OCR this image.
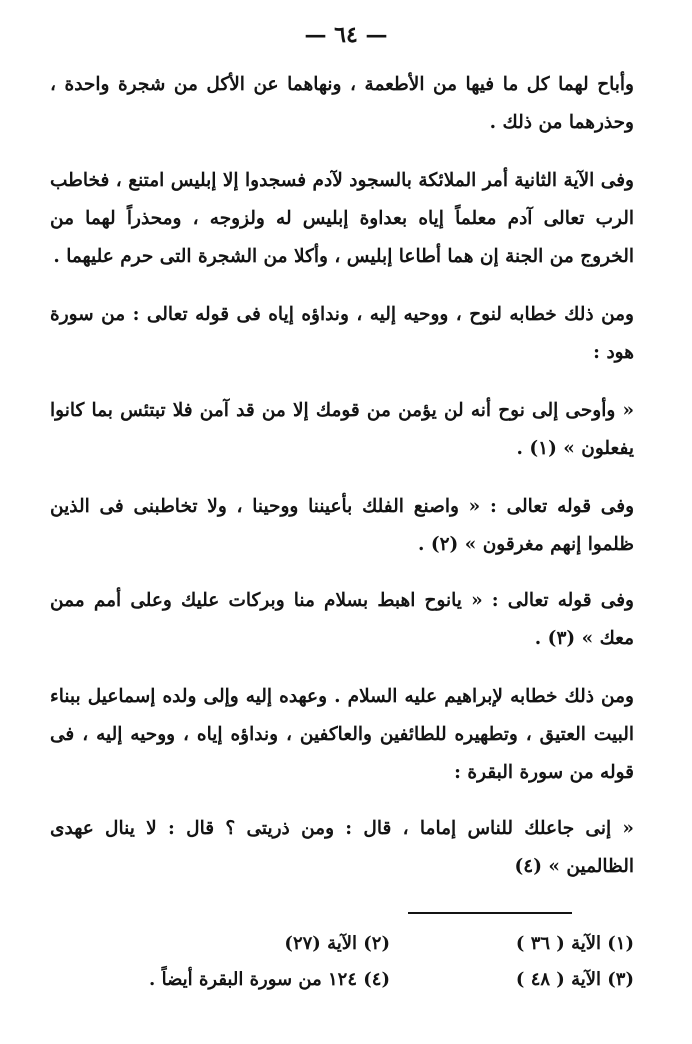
— ٦٤ —

وأباح لهما كل ما فيها من الأطعمة ، ونهاهما عن الأكل من شجرة واحدة ، وحذرهما من ذلك .

وفى الآية الثانية أمر الملائكة بالسجود لآدم فسجدوا إلا إبليس امتنع ، فخاطب الرب تعالى آدم معلماً إياه بعداوة إبليس له ولزوجه ، ومحذراً لهما من الخروج من الجنة إن هما أطاعا إبليس ، وأكلا من الشجرة التى حرم عليهما .

ومن ذلك خطابه لنوح ، ووحيه إليه ، ونداؤه إياه فى قوله تعالى : من سورة هود :

« وأوحى إلى نوح أنه لن يؤمن من قومك إلا من قد آمن فلا تبتئس بما كانوا يفعلون » (١) .

وفى قوله تعالى : « واصنع الفلك بأعيننا ووحينا ، ولا تخاطبنى فى الذين ظلموا إنهم مغرقون » (٢) .

وفى قوله تعالى : « يانوح اهبط بسلام منا وبركات عليك وعلى أمم ممن معك » (٣) .

ومن ذلك خطابه لإبراهيم عليه السلام . وعهده إليه وإلى ولده إسماعيل ببناء البيت العتيق ، وتطهيره للطائفين والعاكفين ، ونداؤه إياه ، ووحيه إليه ، فى قوله من سورة البقرة :

« إنى جاعلك للناس إماما ، قال : ومن ذريتى ؟ قال : لا ينال عهدى الظالمين » (٤)

(١) الآية ( ٣٦ )
(٢) الآية (٢٧)
(٣) الآية ( ٤٨ )
(٤) ١٢٤ من سورة البقرة أيضاً .
